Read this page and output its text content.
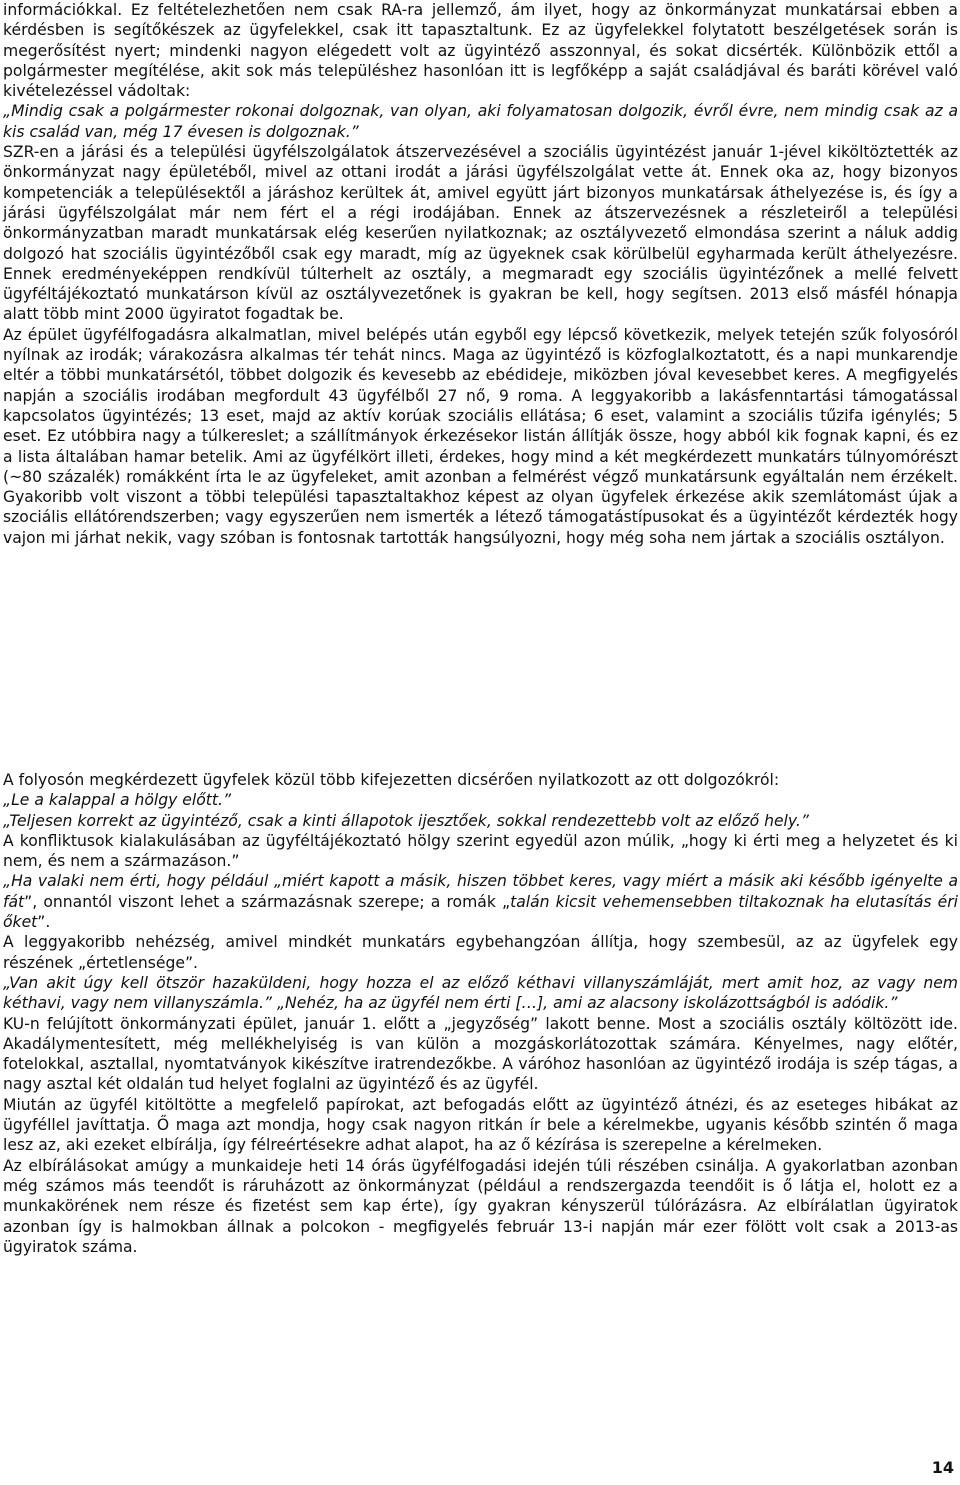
információkkal. Ez feltételezhetően nem csak RA-ra jellemző, ám ilyet, hogy az önkormányzat munkatársai ebben a kérdésben is segítőkészek az ügyfelekkel, csak itt tapasztaltunk. Ez az ügyfelekkel folytatott beszélgetések során is megerősítést nyert; mindenki nagyon elégedett volt az ügyintéző asszonnyal, és sokat dicsérték. Különbözik ettől a polgármester megítélése, akit sok más településhez hasonlóan itt is legfőképp a saját családjával és baráti körével való kivételezéssel vádoltak:

„Mindig csak a polgármester rokonai dolgoznak, van olyan, aki folyamatosan dolgozik, évről évre, nem mindig csak az a kis család van, még 17 évesen is dolgoznak.”

SZR-en a járási és a települési ügyfélszolgálatok átszervezésével a szociális ügyintézést január 1-jével kiköltöztették az önkormányzat nagy épületéből, mivel az ottani irodát a járási ügyfélszolgálat vette át. Ennek oka az, hogy bizonyos kompetenciák a településektől a járáshoz kerültek át, amivel együtt járt bizonyos munkatársak áthelyezése is, és így a járási ügyfélszolgálat már nem fért el a régi irodájában. Ennek az átszervezésnek a részleteiről a települési önkormányzatban maradt munkatársak elég keserűen nyilatkoznak; az osztályvezető elmondása szerint a náluk addig dolgozó hat szociális ügyintézőből csak egy maradt, míg az ügyeknek csak körülbelül egyharmada került áthelyezésre. Ennek eredményeképpen rendkívül túlterhelt az osztály, a megmaradt egy szociális ügyintézőnek a mellé felvett ügyféltájékoztató munkatárson kívül az osztályvezetőnek is gyakran be kell, hogy segítsen. 2013 első másfél hónapja alatt több mint 2000 ügyiratot fogadtak be.

Az épület ügyfélfogadásra alkalmatlan, mivel belépés után egyből egy lépcső következik, melyek tetején szűk folyosóról nyílnak az irodák; várakozásra alkalmas tér tehát nincs. Maga az ügyintéző is közfoglalkoztatott, és a napi munkarendje eltér a többi munkatársétól, többet dolgozik és kevesebb az ebédideje, miközben jóval kevesebbet keres. A megfigyelés napján a szociális irodában megfordult 43 ügyfélből 27 nő, 9 roma. A leggyakoribb a lakásfenntartási támogatással kapcsolatos ügyintézés; 13 eset, majd az aktív korúak szociális ellátása; 6 eset, valamint a szociális tűzifa igénylés; 5 eset. Ez utóbbira nagy a túlkereslet; a szállítmányok érkezésekor listán állítják össze, hogy abból kik fognak kapni, és ez a lista általában hamar betelik. Ami az ügyfélkört illeti, érdekes, hogy mind a két megkérdezett munkatárs túlnyomórészt (~80 százalék) romákként írta le az ügyfeleket, amit azonban a felmérést végző munkatársunk egyáltalán nem érzékelt. Gyakoribb volt viszont a többi települési tapasztaltakhoz képest az olyan ügyfelek érkezése akik szemlátomást újak a szociális ellátórendszerben; vagy egyszerűen nem ismerték a létező támogatástípusokat és a ügyintézőt kérdezték hogy vajon mi járhat nekik, vagy szóban is fontosnak tartották hangsúlyozni, hogy még soha nem jártak a szociális osztályon.

A folyosón megkérdezett ügyfelek közül több kifejezetten dicsérően nyilatkozott az ott dolgozókról:

„Le a kalappal a hölgy előtt.”

„Teljesen korrekt az ügyintéző, csak a kinti állapotok ijesztőek, sokkal rendezettebb volt az előző hely.”

A konfliktusok kialakulásában az ügyféltájékoztató hölgy szerint egyedül azon múlik, „hogy ki érti meg a helyzetet és ki nem, és nem a származáson.”

„Ha valaki nem érti, hogy például „miért kapott a másik, hiszen többet keres, vagy miért a másik aki később igényelte a fát”, onnantól viszont lehet a származásnak szerepe; a romák „talán kicsit vehemensebben tiltakoznak ha elutasítás éri őket”.

A leggyakoribb nehézség, amivel mindkét munkatárs egybehangzóan állítja, hogy szembesül, az az ügyfelek egy részének „értetlensége”.

„Van akit úgy kell ötször hazaküldeni, hogy hozza el az előző kéthavi villanyszámláját, mert amit hoz, az vagy nem kéthavi, vagy nem villanyszámla.” „Nehéz, ha az ügyfél nem érti […], ami az alacsony iskolázottságból is adódik.”

KU-n felújított önkormányzati épület, január 1. előtt a „jegyzőség” lakott benne. Most a szociális osztály költözött ide. Akadálymentesített, még mellékhelyiség is van külön a mozgáskorlátozottak számára. Kényelmes, nagy előtér, fotelokkal, asztallal, nyomtatványok kikészítve iratrendezőkbe. A váróhoz hasonlóan az ügyintéző irodája is szép tágas, a nagy asztal két oldalán tud helyet foglalni az ügyintéző és az ügyfél.

Miután az ügyfél kitöltötte a megfelelő papírokat, azt befogadás előtt az ügyintéző átnézi, és az eseteges hibákat az ügyféllel javíttatja. Ő maga azt mondja, hogy csak nagyon ritkán ír bele a kérelmekbe, ugyanis később szintén ő maga lesz az, aki ezeket elbírálja, így félreértésekre adhat alapot, ha az ő kézírása is szerepelne a kérelmeken.

Az elbírálásokat amúgy a munkaideje heti 14 órás ügyfélfogadási idején túli részében csinálja. A gyakorlatban azonban még számos más teendőt is ráruházott az önkormányzat (például a rendszergazda teendőit is ő látja el, holott ez a munkakörének nem része és fizetést sem kap érte), így gyakran kényszerül túlórázásra. Az elbírálatlan ügyiratok azonban így is halmokban állnak a polcokon - megfigyelés február 13-i napján már ezer fölött volt csak a 2013-as ügyiratok száma.

14
